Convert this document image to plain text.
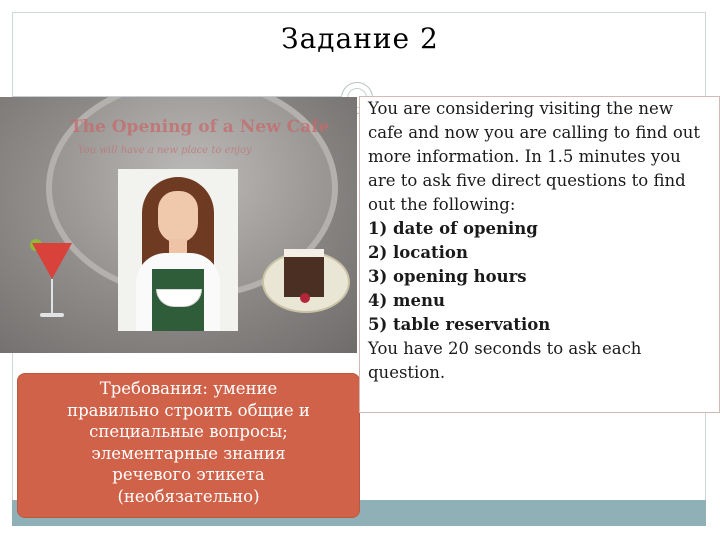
Задание 2
The Opening of a New Cafe
You will have a new place to enjoy
Требования: умение
правильно строить общие и
специальные вопросы;
элементарные знания
речевого этикета
(необязательно)
You are considering visiting the new
cafe and now you are calling to find out
more information. In 1.5 minutes you
are to ask five direct questions to find
out the following:
1) date of opening
2) location
3) opening hours
4) menu
5) table reservation
You have 20 seconds to ask each
question.
